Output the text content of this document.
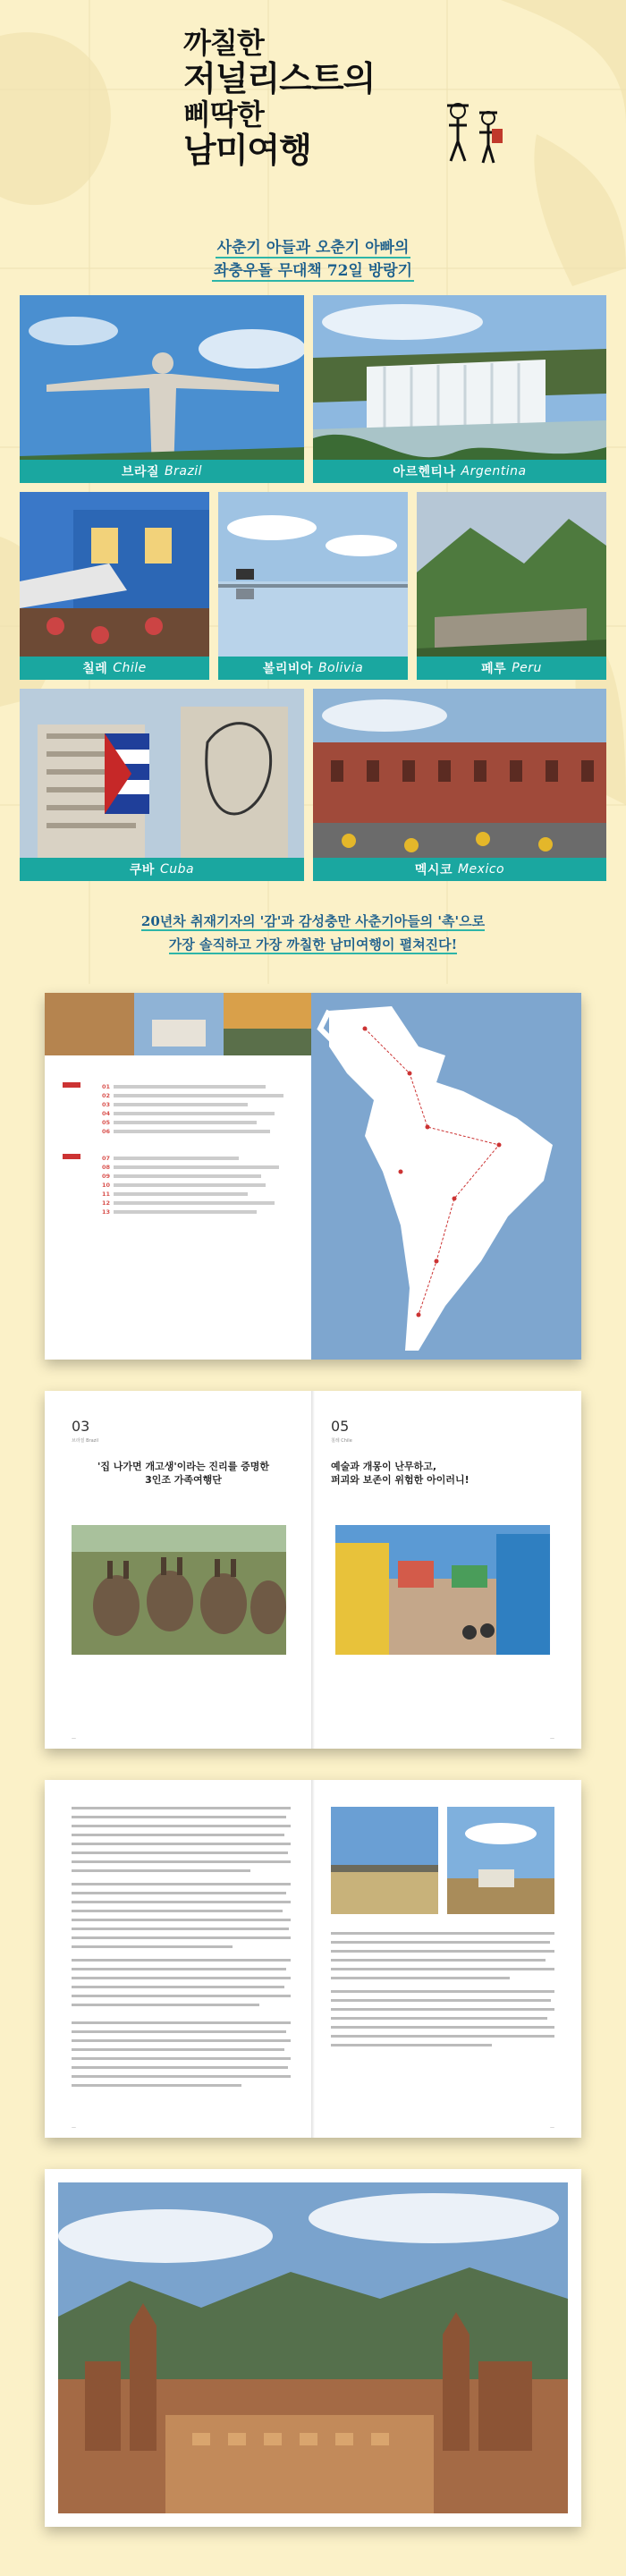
까칠한
저널리스트의
삐딱한
남미여행
사춘기 아들과 오춘기 아빠의
좌충우돌 무대책 72일 방랑기
브라질 Brazil	아르헨티나 Argentina
칠레 Chile	볼리비아 Bolivia	페루 Peru
쿠바 Cuba	멕시코 Mexico
20년차 취재기자의 '감'과 감성충만 사춘기아들의 '촉'으로
가장 솔직하고 가장 까칠한 남미여행이 펼쳐진다!
01
02
03
04
05
06
07
08
09
10
11
12
13
03
브라질 Brazil
'집 나가면 개고생'이라는 진리를 증명한
3인조 가족여행단
05
칠레 Chile
예술과 개몽이 난무하고,
퍼괴와 보존이 위험한 아이러니!
—	—
—	—
